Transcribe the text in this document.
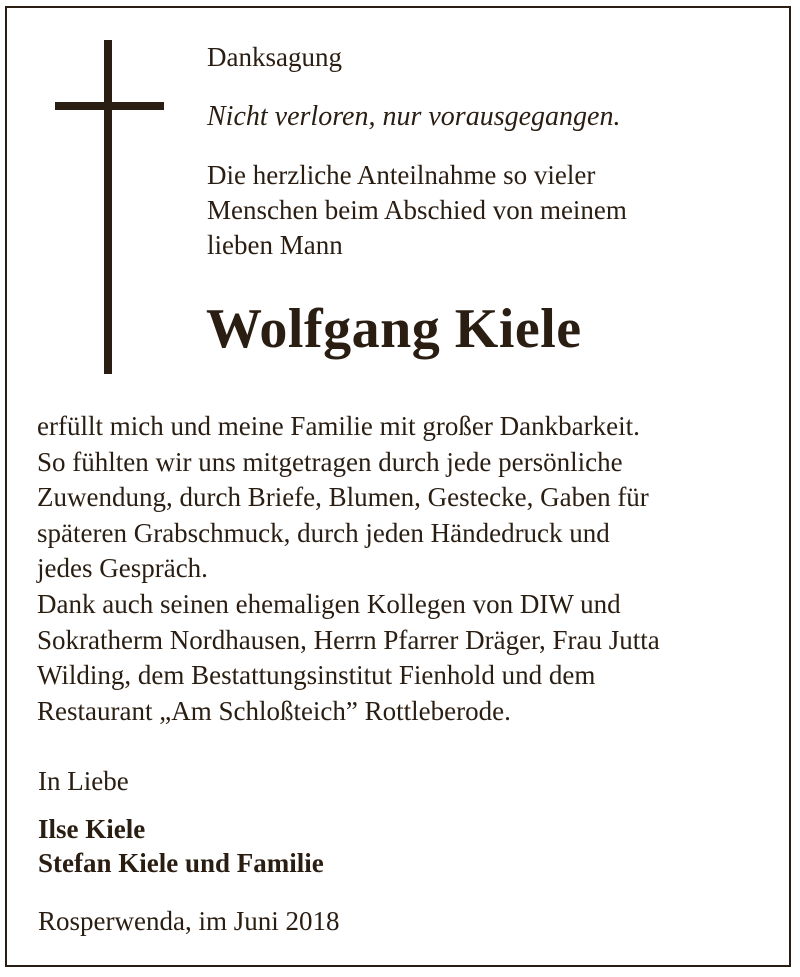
Danksagung

Nicht verloren, nur vorausgegangen.

Die herzliche Anteilnahme so vieler
Menschen beim Abschied von meinem
lieben Mann

Wolfgang Kiele

erfüllt mich und meine Familie mit großer Dankbarkeit.
So fühlten wir uns mitgetragen durch jede persönliche
Zuwendung, durch Briefe, Blumen, Gestecke, Gaben für
späteren Grabschmuck, durch jeden Händedruck und
jedes Gespräch.
Dank auch seinen ehemaligen Kollegen von DIW und
Sokratherm Nordhausen, Herrn Pfarrer Dräger, Frau Jutta
Wilding, dem Bestattungsinstitut Fienhold und dem
Restaurant „Am Schloßteich” Rottleberode.

In Liebe

Ilse Kiele

Stefan Kiele und Familie

Rosperwenda, im Juni 2018
